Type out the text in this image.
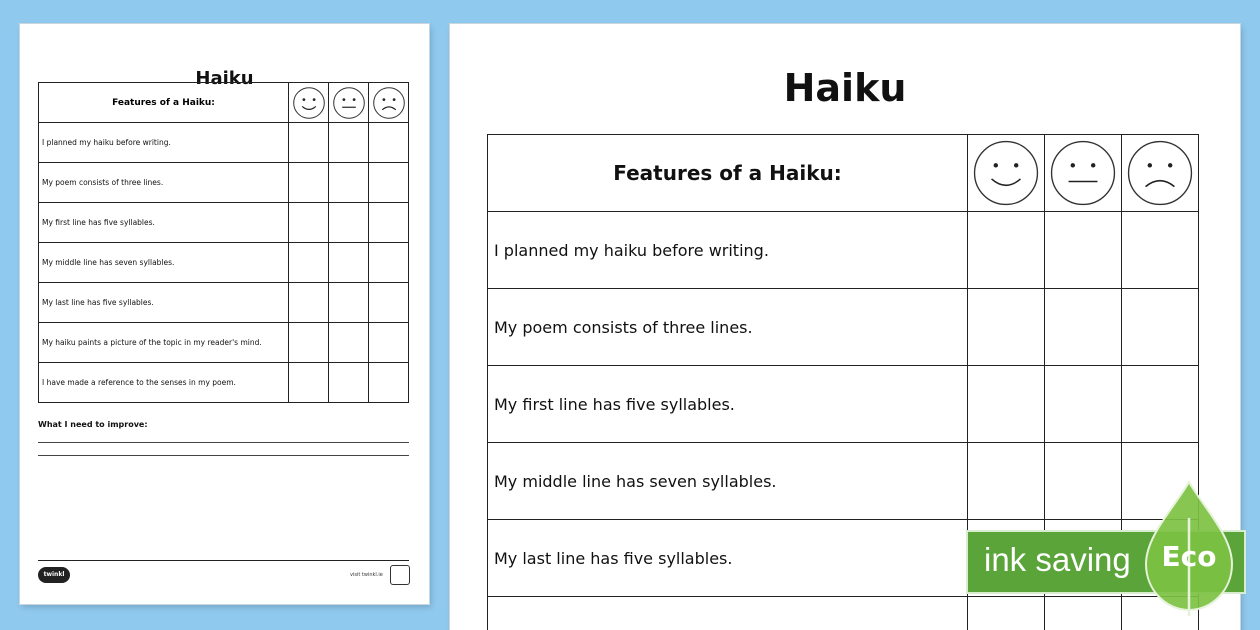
Haiku
Features of a Haiku:	

I planned my haiku before writing.			
My poem consists of three lines.			
My first line has five syllables.			
My middle line has seven syllables.			
My last line has five syllables.			
My haiku paints a picture of the topic in my reader's mind.			
I have made a reference to the senses in my poem.			
What I need to improve:
twinkl	visit twinkl.ie
Haiku
Features of a Haiku:	

I planned my haiku before writing.			
My poem consists of three lines.			
My first line has five syllables.			
My middle line has seven syllables.			
My last line has five syllables.			
				ink saving	Eco
